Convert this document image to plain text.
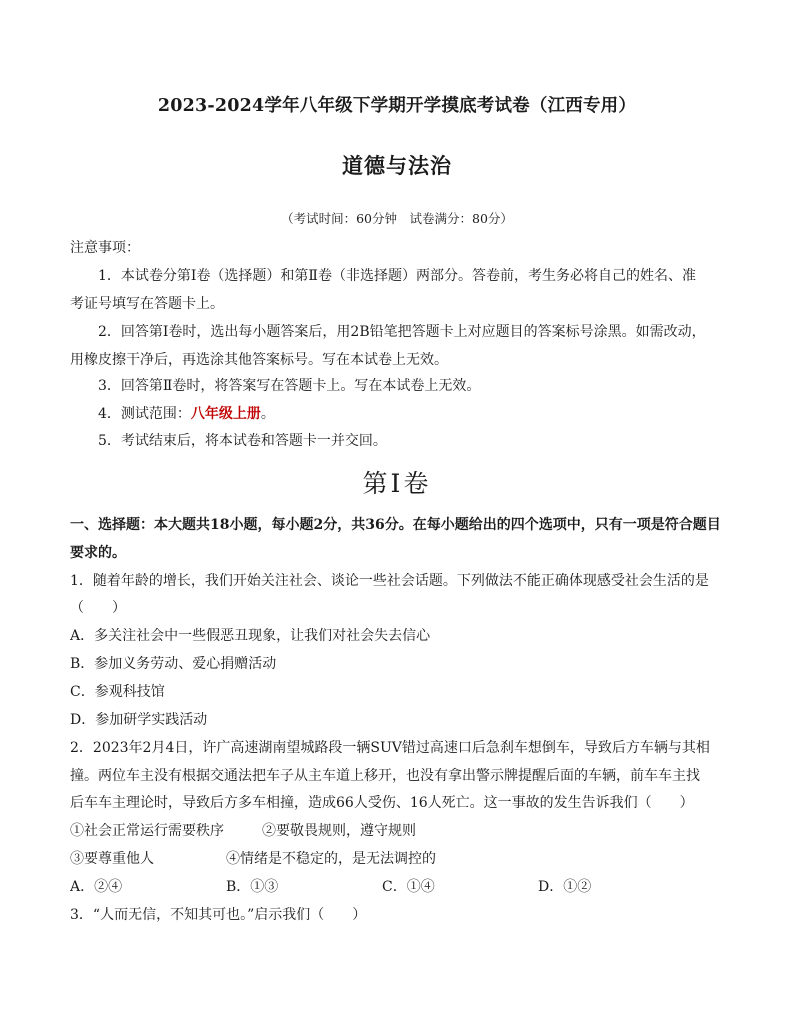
2023-2024学年八年级下学期开学摸底考试卷（江西专用）
道德与法治
（考试时间：60分钟　试卷满分：80分）
注意事项：
1．本试卷分第Ⅰ卷（选择题）和第Ⅱ卷（非选择题）两部分。答卷前，考生务必将自己的姓名、准
考证号填写在答题卡上。
2．回答第Ⅰ卷时，选出每小题答案后，用2B铅笔把答题卡上对应题目的答案标号涂黑。如需改动，
用橡皮擦干净后，再选涂其他答案标号。写在本试卷上无效。
3．回答第Ⅱ卷时，将答案写在答题卡上。写在本试卷上无效。
4．测试范围：八年级上册。
5．考试结束后，将本试卷和答题卡一并交回。
第Ⅰ卷
一、选择题：本大题共18小题，每小题2分，共36分。在每小题给出的四个选项中，只有一项是符合题目
要求的。
1．随着年龄的增长，我们开始关注社会、谈论一些社会话题。下列做法不能正确体现感受社会生活的是
（　　）
A．多关注社会中一些假恶丑现象，让我们对社会失去信心
B．参加义务劳动、爱心捐赠活动
C．参观科技馆
D．参加研学实践活动
2．2023年2月4日，许广高速湖南望城路段一辆SUV错过高速口后急刹车想倒车，导致后方车辆与其相
撞。两位车主没有根据交通法把车子从主车道上移开，也没有拿出警示牌提醒后面的车辆，前车车主找
后车车主理论时，导致后方多车相撞，造成66人受伤、16人死亡。这一事故的发生告诉我们（　　）
①社会正常运行需要秩序	②要敬畏规则，遵守规则
③要尊重他人	④情绪是不稳定的，是无法调控的
A．②④	B．①③	C．①④	D．①②
3．“人而无信，不知其可也。”启示我们（　　）
